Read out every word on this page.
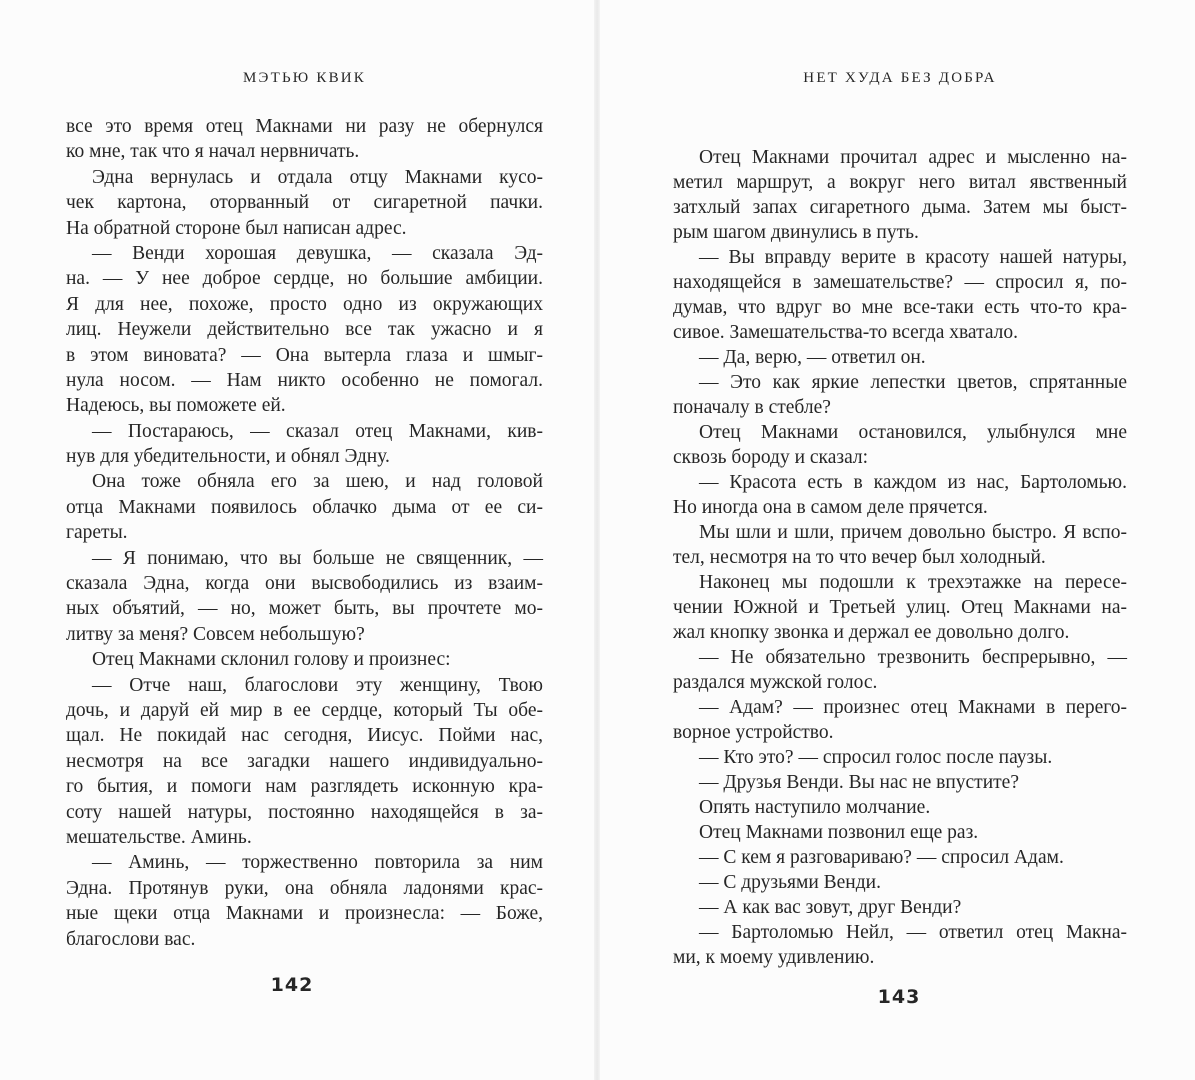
МЭТЬЮ КВИК
все это время отец Макнами ни разу не обернулся
ко мне, так что я начал нервничать.
Эдна вернулась и отдала отцу Макнами кусо-
чек картона, оторванный от сигаретной пачки.
На обратной стороне был написан адрес.
— Венди хорошая девушка, — сказала Эд-
на. — У нее доброе сердце, но большие амбиции.
Я для нее, похоже, просто одно из окружающих
лиц. Неужели действительно все так ужасно и я
в этом виновата? — Она вытерла глаза и шмыг-
нула носом. — Нам никто особенно не помогал.
Надеюсь, вы поможете ей.
— Постараюсь, — сказал отец Макнами, кив-
нув для убедительности, и обнял Эдну.
Она тоже обняла его за шею, и над головой
отца Макнами появилось облачко дыма от ее си-
гареты.
— Я понимаю, что вы больше не священник, —
сказала Эдна, когда они высвободились из взаим-
ных объятий, — но, может быть, вы прочтете мо-
литву за меня? Совсем небольшую?
Отец Макнами склонил голову и произнес:
— Отче наш, благослови эту женщину, Твою
дочь, и даруй ей мир в ее сердце, который Ты обе-
щал. Не покидай нас сегодня, Иисус. Пойми нас,
несмотря на все загадки нашего индивидуально-
го бытия, и помоги нам разглядеть исконную кра-
соту нашей натуры, постоянно находящейся в за-
мешательстве. Аминь.
— Аминь, — торжественно повторила за ним
Эдна. Протянув руки, она обняла ладонями крас-
ные щеки отца Макнами и произнесла: — Боже,
благослови вас.
142
НЕТ ХУДА БЕЗ ДОБРА
Отец Макнами прочитал адрес и мысленно на-
метил маршрут, а вокруг него витал явственный
затхлый запах сигаретного дыма. Затем мы быст-
рым шагом двинулись в путь.
— Вы вправду верите в красоту нашей натуры,
находящейся в замешательстве? — спросил я, по-
думав, что вдруг во мне все-таки есть что-то кра-
сивое. Замешательства-то всегда хватало.
— Да, верю, — ответил он.
— Это как яркие лепестки цветов, спрятанные
поначалу в стебле?
Отец Макнами остановился, улыбнулся мне
сквозь бороду и сказал:
— Красота есть в каждом из нас, Бартоломью.
Но иногда она в самом деле прячется.
Мы шли и шли, причем довольно быстро. Я вспо-
тел, несмотря на то что вечер был холодный.
Наконец мы подошли к трехэтажке на пересе-
чении Южной и Третьей улиц. Отец Макнами на-
жал кнопку звонка и держал ее довольно долго.
— Не обязательно трезвонить беспрерывно, —
раздался мужской голос.
— Адам? — произнес отец Макнами в перего-
ворное устройство.
— Кто это? — спросил голос после паузы.
— Друзья Венди. Вы нас не впустите?
Опять наступило молчание.
Отец Макнами позвонил еще раз.
— С кем я разговариваю? — спросил Адам.
— С друзьями Венди.
— А как вас зовут, друг Венди?
— Бартоломью Нейл, — ответил отец Макна-
ми, к моему удивлению.
143
